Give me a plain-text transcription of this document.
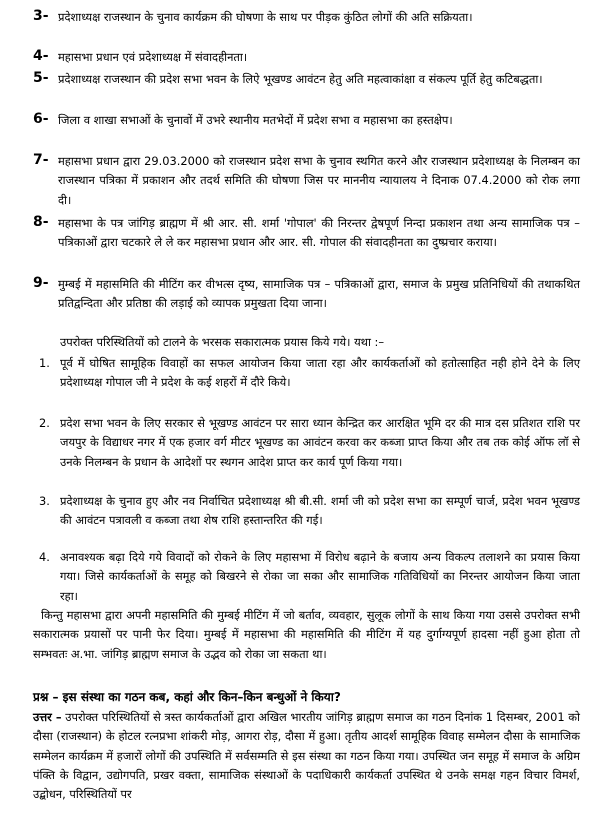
3- प्रदेशाध्यक्ष राजस्थान के चुनाव कार्यक्रम की घोषणा के साथ पर पीड़क कुंठित लोगों की अति सक्रियता।
4- महासभा प्रधान एवं प्रदेशाध्यक्ष में संवादहीनता।
5- प्रदेशाध्यक्ष राजस्थान की प्रदेश सभा भवन के लिऐ भूखण्ड आवंटन हेतु अति महत्वाकांक्षा व संकल्प पूर्ति हेतु कटिबद्धता।
6- जिला व शाखा सभाओं के चुनावों में उभरे स्थानीय मतभेदों में प्रदेश सभा व महासभा का हस्तक्षेप।
7- महासभा प्रधान द्वारा 29.03.2000 को राजस्थान प्रदेश सभा के चुनाव स्थगित करने और राजस्थान प्रदेशाध्यक्ष के निलम्बन का राजस्थान पत्रिका में प्रकाशन और तदर्थ समिति की घोषणा जिस पर माननीय न्यायालय ने दिनाक 07.4.2000 को रोक लगा दी।
8- महासभा के पत्र जांगिड़ ब्राह्मण में श्री आर. सी. शर्मा 'गोपाल' की निरन्तर द्वेषपूर्ण निन्दा प्रकाशन तथा अन्य सामाजिक पत्र – पत्रिकाओं द्वारा चटकारे ले ले कर महासभा प्रधान और आर. सी. गोपाल की संवादहीनता का दुष्प्रचार कराया।
9- मुम्बई में महासमिति की मीटिंग कर वीभत्स दृष्य, सामाजिक पत्र – पत्रिकाओं द्वारा, समाज के प्रमुख प्रतिनिधियों की तथाकथित प्रतिद्वन्दिता और प्रतिष्ठा की लड़ाई को व्यापक प्रमुखता दिया जाना।
उपरोक्त परिस्थितियों को टालने के भरसक सकारात्मक प्रयास किये गये। यथा :–
1. पूर्व में घोषित सामूहिक विवाहों का सफल आयोजन किया जाता रहा और कार्यकर्ताओं को हतोत्साहित नही होने देने के लिए प्रदेशाध्यक्ष गोपाल जी ने प्रदेश के कई शहरों में दौरे किये।
2. प्रदेश सभा भवन के लिए सरकार से भूखण्ड आवंटन पर सारा ध्यान केन्द्रित कर आरक्षित भूमि दर की मात्र दस प्रतिशत राशि पर जयपुर के विद्याधर नगर में एक हजार वर्ग मीटर भूखण्ड का आवंटन करवा कर कब्जा प्राप्त किया और तब तक कोई ऑफ लॉ से उनके निलम्बन के प्रधान के आदेशों पर स्थगन आदेश प्राप्त कर कार्य पूर्ण किया गया।
3. प्रदेशाध्यक्ष के चुनाव हुए और नव निर्वाचित प्रदेशाध्यक्ष श्री बी.सी. शर्मा जी को प्रदेश सभा का सम्पूर्ण चार्ज, प्रदेश भवन भूखण्ड की आवंटन पत्रावली व कब्जा तथा शेष राशि हस्तान्तरित की गई।
4. अनावश्यक बढ़ा दिये गये विवादों को रोकने के लिए महासभा में विरोध बढ़ाने के बजाय अन्य विकल्प तलाशने का प्रयास किया गया। जिसे कार्यकर्ताओं के समूह को बिखरने से रोका जा सका और सामाजिक गतिविधियों का निरन्तर आयोजन किया जाता रहा।
किन्तु महासभा द्वारा अपनी महासमिति की मुम्बई मीटिंग में जो बर्ताव, व्यवहार, सुलूक लोगों के साथ किया गया उससे उपरोक्त सभी सकारात्मक प्रयासों पर पानी फेर दिया। मुम्बई में महासभा की महासमिति की मीटिंग में यह दुर्गाग्यपूर्ण हादसा नहीं हुआ होता तो सम्भवतः अ.भा. जांगिड़ ब्राह्मण समाज के उद्भव को रोका जा सकता था।
प्रश्न – इस संस्था का गठन कब, कहां और किन–किन बन्धुओं ने किया?
उत्तर – उपरोक्त परिस्थितियों से त्रस्त कार्यकर्ताओं द्वारा अखिल भारतीय जांगिड़ ब्राह्मण समाज का गठन दिनांक 1 दिसम्बर, 2001 को दौसा (राजस्थान) के होटल रत्नप्रभा शांकरी मोड़, आगरा रोड़, दौसा में हुआ। तृतीय आदर्श सामूहिक विवाह सम्मेलन दौसा के सामाजिक सम्मेलन कार्यक्रम में हजारों लोगों की उपस्थिति में सर्वसम्मति से इस संस्था का गठन किया गया। उपस्थित जन समूह में समाज के अग्रिम पंक्ति के विद्वान, उद्योगपति, प्रखर वक्ता, सामाजिक संस्थाओं के पदाधिकारी कार्यकर्ता उपस्थित थे उनके समक्ष गहन विचार विमर्श, उद्बोधन, परिस्थितियों पर
